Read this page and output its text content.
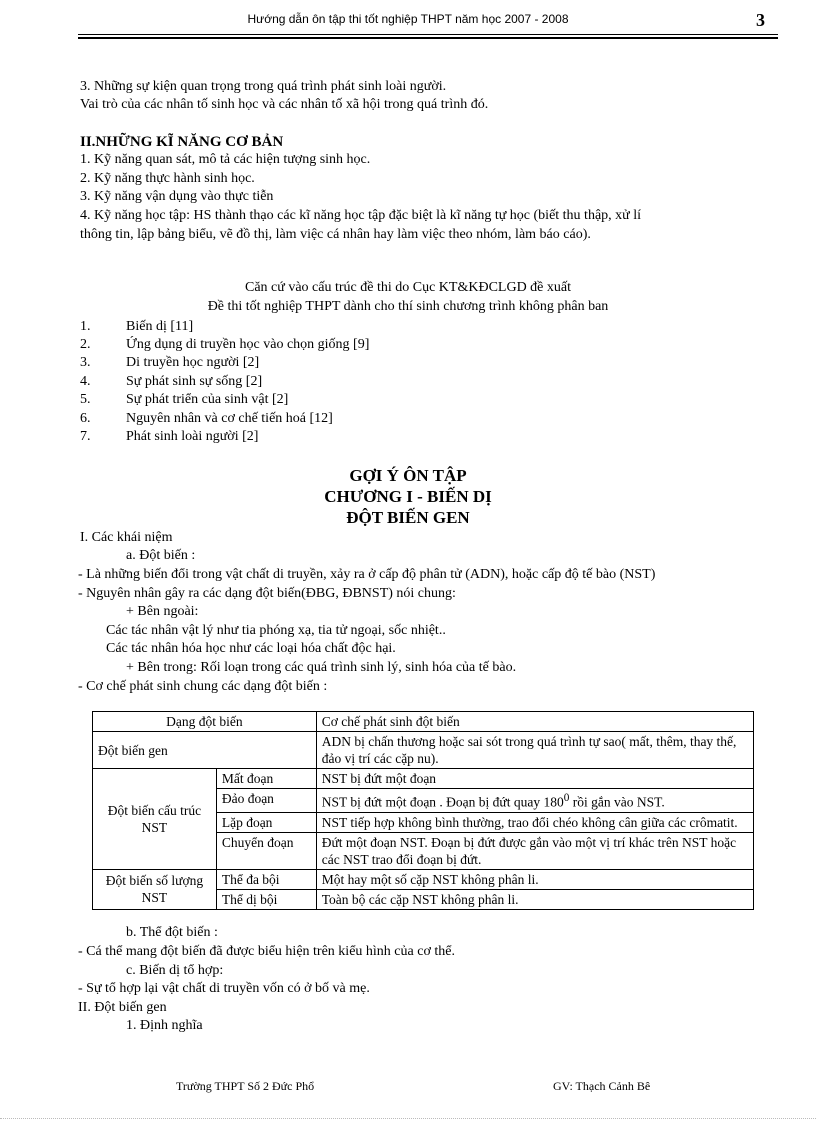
Hướng dẫn ôn tập thi tốt nghiệp THPT năm học 2007 - 2008	3
3. Những sự kiện quan trọng trong quá trình phát sinh loài người.
Vai trò của các nhân tố sinh học và các nhân tố xã hội trong quá trình đó.
II.NHỮNG KĨ NĂNG CƠ BẢN
1. Kỹ năng quan sát, mô tả các hiện tượng sinh học.
2. Kỹ năng thực hành sinh học.
3. Kỹ năng vận dụng vào thực tiễn
4. Kỹ năng học tập: HS thành thạo các kĩ năng học tập đặc biệt là kĩ năng tự học (biết thu thập, xử lí
thông tin, lập bảng biểu, vẽ đồ thị, làm việc cá nhân hay làm việc theo nhóm, làm báo cáo).
Căn cứ vào cấu trúc đề thi do Cục KT&KĐCLGD đề xuất
Đề thi tốt nghiệp THPT dành cho thí sinh chương trình không phân ban
1.	Biến dị [11]
2.	Ứng dụng di truyền học vào chọn giống [9]
3.	Di truyền học người [2]
4.	Sự phát sinh sự sống [2]
5.	Sự phát triển của sinh vật [2]
6.	Nguyên nhân và cơ chế tiến hoá [12]
7.	Phát sinh loài người [2]
GỢI Ý ÔN TẬP
CHƯƠNG I - BIẾN DỊ
ĐỘT BIẾN GEN
I. Các khái niệm
a. Đột biến :
- Là những biến đổi trong vật chất di truyền, xảy ra ở cấp độ phân tử (ADN), hoặc cấp độ tế bào (NST)
- Nguyên nhân gây ra các dạng đột biến(ĐBG, ĐBNST) nói chung:
+ Bên ngoài:
Các tác nhân vật lý như tia phóng xạ, tia tử ngoại, sốc nhiệt..
Các tác nhân hóa học như các loại hóa chất độc hại.
+ Bên trong: Rối loạn trong các quá trình sinh lý, sinh hóa của tế bào.
- Cơ chế phát sinh chung các dạng đột biến :
Dạng đột biến		Cơ chế phát sinh đột biến
Đột biến gen		ADN bị chấn thương hoặc sai sót trong quá trình tự sao( mất, thêm, thay thế, đảo vị trí các cặp nu).
Đột biến cấu trúc NST	Mất đoạn	NST bị đứt một đoạn
	Đảo đoạn	NST bị đứt một đoạn . Đoạn bị đứt quay $180^0$ rồi gắn vào NST.
	Lặp đoạn	NST tiếp hợp không bình thường, trao đổi chéo không cân giữa các crômatit.
	Chuyển đoạn	Đứt một đoạn NST. Đoạn bị đứt được gắn vào một vị trí khác trên NST hoặc các NST trao đổi đoạn bị đứt.
Đột biến số lượng NST	Thể đa bội	Một hay một số cặp NST không phân li.
	Thể dị bội	Toàn bộ các cặp NST không phân li.
b. Thể đột biến :
- Cá thể mang đột biến đã được biểu hiện trên kiểu hình của cơ thể.
c. Biến dị tổ hợp:
- Sự tổ hợp lại vật chất di truyền vốn có ở bố và mẹ.
II. Đột biến gen
1. Định nghĩa
Trường THPT Số 2 Đức Phổ	GV: Thạch Cảnh Bê
